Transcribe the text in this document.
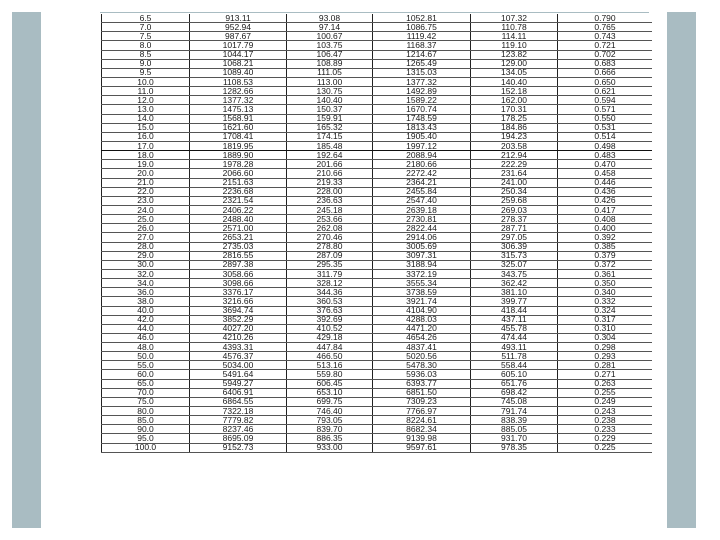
6.5	913.11	93.08	1052.81	107.32	0.790
7.0	952.94	97.14	1086.75	110.78	0.765
7.5	987.67	100.67	1119.42	114.11	0.743
8.0	1017.79	103.75	1168.37	119.10	0.721
8.5	1044.17	106.47	1214.67	123.82	0.702
9.0	1068.21	108.89	1265.49	129.00	0.683
9.5	1089.40	111.05	1315.03	134.05	0.666
10.0	1108.53	113.00	1377.32	140.40	0.650
11.0	1282.66	130.75	1492.89	152.18	0.621
12.0	1377.32	140.40	1589.22	162.00	0.594
13.0	1475.13	150.37	1670.74	170.31	0.571
14.0	1568.91	159.91	1748.59	178.25	0.550
15.0	1621.60	165.32	1813.43	184.86	0.531
16.0	1708.41	174.15	1905.40	194.23	0.514
17.0	1819.95	185.48	1997.12	203.58	0.498
18.0	1889.90	192.64	2088.94	212.94	0.483
19.0	1978.28	201.66	2180.66	222.29	0.470
20.0	2066.60	210.66	2272.42	231.64	0.458
21.0	2151.63	219.33	2364.21	241.00	0.446
22.0	2236.68	228.00	2455.84	250.34	0.436
23.0	2321.54	236.63	2547.40	259.68	0.426
24.0	2406.22	245.18	2639.18	269.03	0.417
25.0	2488.40	253.66	2730.81	278.37	0.408
26.0	2571.00	262.08	2822.44	287.71	0.400
27.0	2653.21	270.46	2914.06	297.05	0.392
28.0	2735.03	278.80	3005.69	306.39	0.385
29.0	2816.55	287.09	3097.31	315.73	0.379
30.0	2897.38	295.35	3188.94	325.07	0.372
32.0	3058.66	311.79	3372.19	343.75	0.361
34.0	3098.66	328.12	3555.34	362.42	0.350
36.0	3376.17	344.36	3738.59	381.10	0.340
38.0	3216.66	360.53	3921.74	399.77	0.332
40.0	3694.74	376.63	4104.90	418.44	0.324
42.0	3852.29	392.69	4288.03	437.11	0.317
44.0	4027.20	410.52	4471.20	455.78	0.310
46.0	4210.26	429.18	4654.26	474.44	0.304
48.0	4393.31	447.84	4837.41	493.11	0.298
50.0	4576.37	466.50	5020.56	511.78	0.293
55.0	5034.00	513.16	5478.30	558.44	0.281
60.0	5491.64	559.80	5936.03	605.10	0.271
65.0	5949.27	606.45	6393.77	651.76	0.263
70.0	6406.91	653.10	6851.50	698.42	0.255
75.0	6864.55	699.75	7309.23	745.08	0.249
80.0	7322.18	746.40	7766.97	791.74	0.243
85.0	7779.82	793.05	8224.61	838.39	0.238
90.0	8237.46	839.70	8682.34	885.05	0.233
95.0	8695.09	886.35	9139.98	931.70	0.229
100.0	9152.73	933.00	9597.61	978.35	0.225
